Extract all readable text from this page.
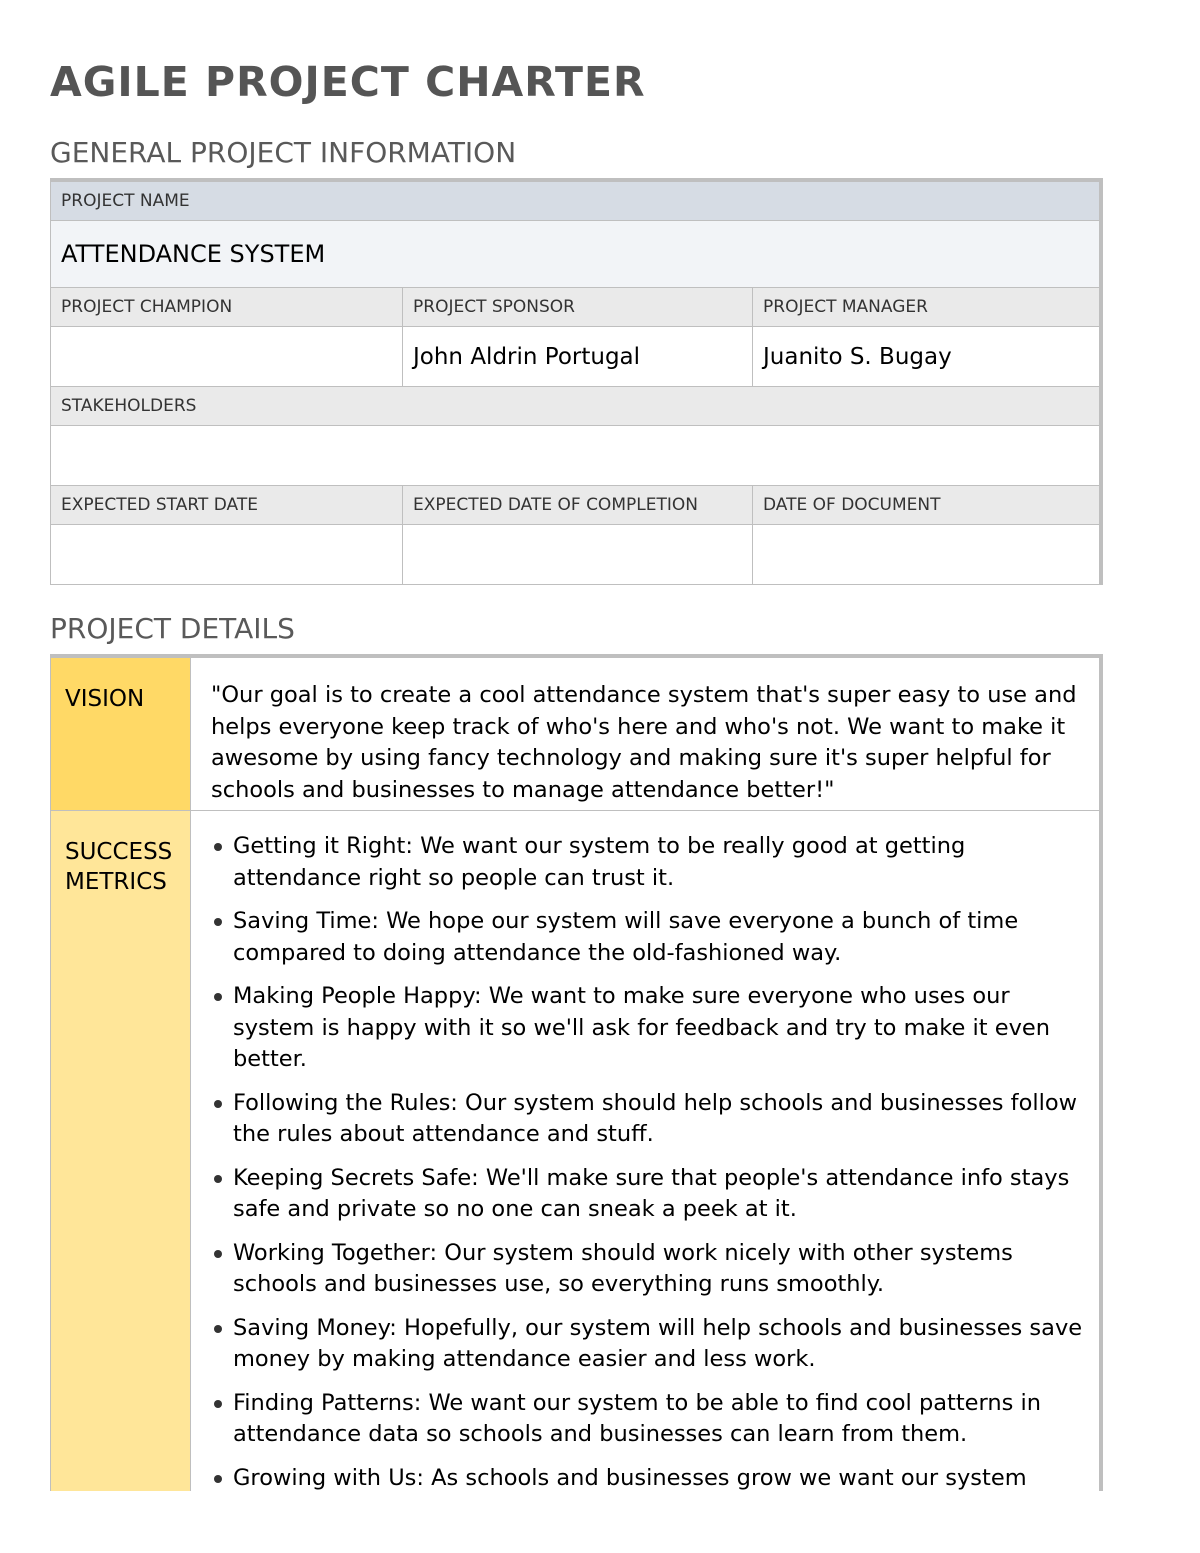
AGILE PROJECT CHARTER
GENERAL PROJECT INFORMATION
PROJECT NAME		
ATTENDANCE SYSTEM		
PROJECT CHAMPION	PROJECT SPONSOR	PROJECT MANAGER
	John Aldrin Portugal	Juanito S. Bugay
STAKEHOLDERS		

EXPECTED START DATE	EXPECTED DATE OF COMPLETION	DATE OF DOCUMENT

PROJECT DETAILS
VISION	"Our goal is to create a cool attendance system that's super easy to use and helps everyone keep track of who's here and who's not. We want to make it awesome by using fancy technology and making sure it's super helpful for schools and businesses to manage attendance better!"
SUCCESS METRICS
Getting it Right: We want our system to be really good at getting attendance right so people can trust it.
Saving Time: We hope our system will save everyone a bunch of time compared to doing attendance the old-fashioned way.
Making People Happy: We want to make sure everyone who uses our system is happy with it so we'll ask for feedback and try to make it even better.
Following the Rules: Our system should help schools and businesses follow the rules about attendance and stuff.
Keeping Secrets Safe: We'll make sure that people's attendance info stays safe and private so no one can sneak a peek at it.
Working Together: Our system should work nicely with other systems schools and businesses use, so everything runs smoothly.
Saving Money: Hopefully, our system will help schools and businesses save money by making attendance easier and less work.
Finding Patterns: We want our system to be able to find cool patterns in attendance data so schools and businesses can learn from them.
Growing with Us: As schools and businesses grow we want our system
